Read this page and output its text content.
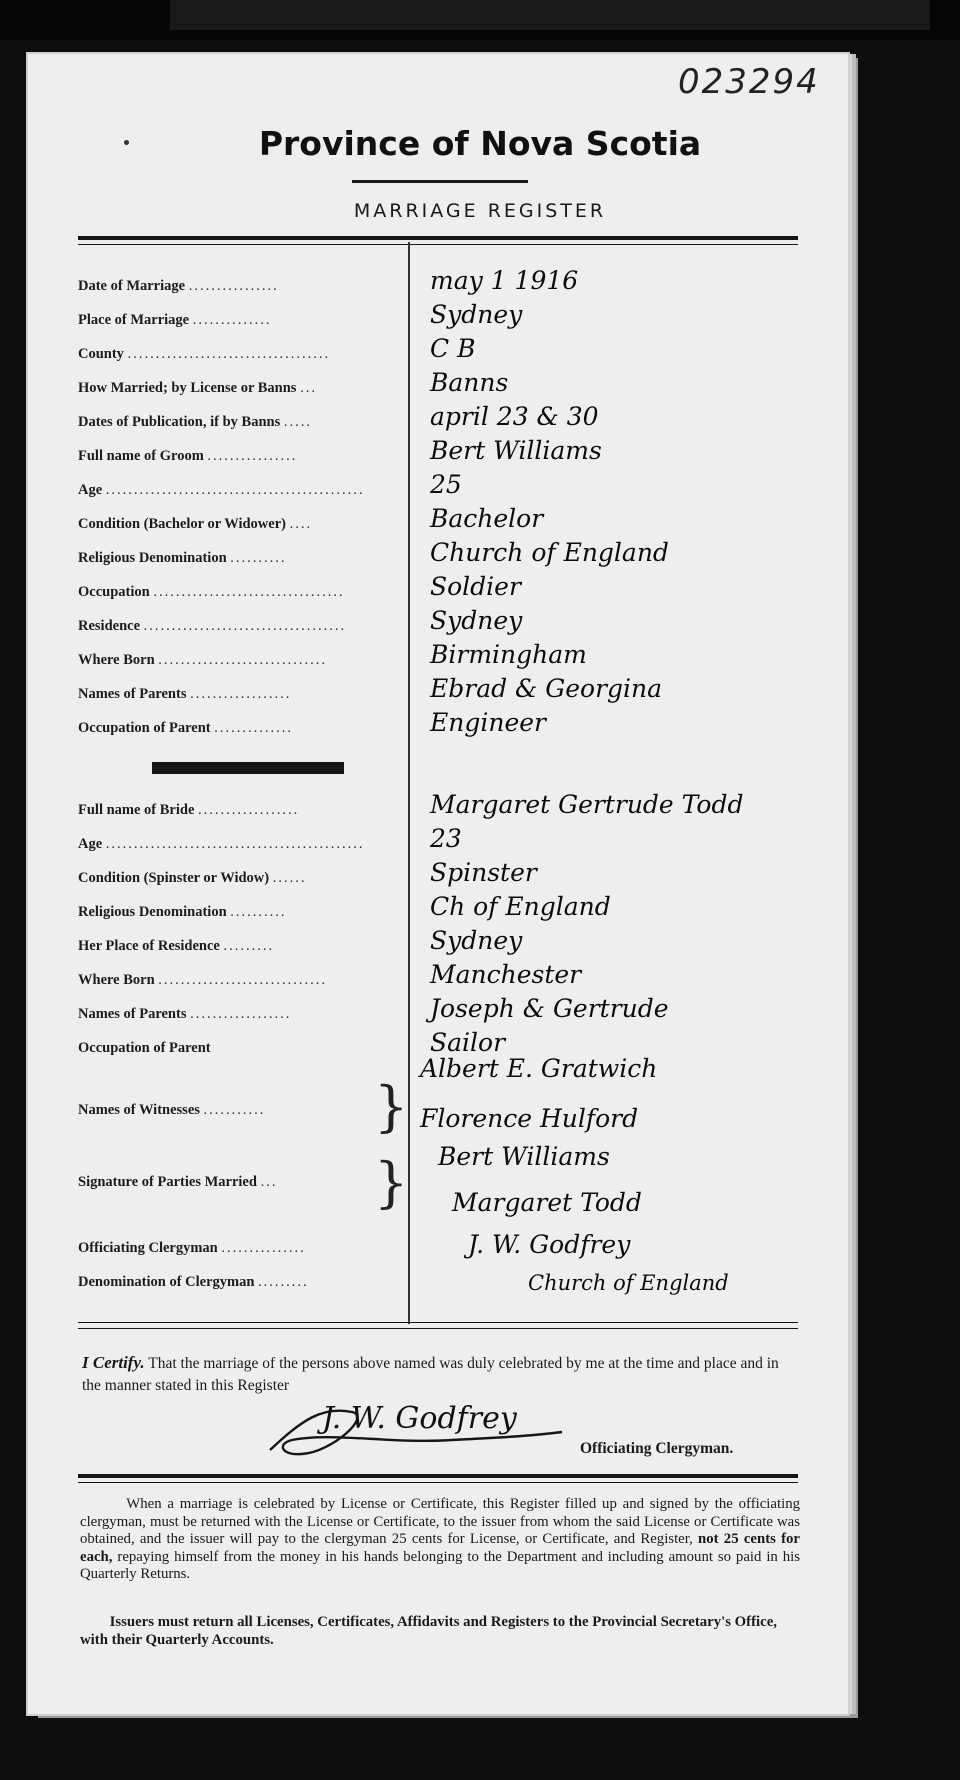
023294
Province of Nova Scotia
MARRIAGE REGISTER
Date of Marriage ................	may 1 1916
Place of Marriage ..............	Sydney
County ....................................	C B
How Married; by License or Banns ...	Banns
Dates of Publication, if by Banns .....	april 23 & 30
Full name of Groom ................	Bert Williams
Age ..............................................	25
Condition (Bachelor or Widower) ....	Bachelor
Religious Denomination ..........	Church of England
Occupation ..................................	Soldier
Residence ....................................	Sydney
Where Born ..............................	Birmingham
Names of Parents ..................	Ebrad & Georgina
Occupation of Parent ..............	Engineer
Full name of Bride ..................	Margaret Gertrude Todd
Age ..............................................	23
Condition (Spinster or Widow) ......	Spinster
Religious Denomination ..........	Ch of England
Her Place of Residence .........	Sydney
Where Born ..............................	Manchester
Names of Parents ..................	Joseph & Gertrude
Occupation of Parent	Sailor
Names of Witnesses ...........	}
Albert E. Gratwich
Florence Hulford
Signature of Parties Married ...	} Bert Williams
Margaret Todd
Officiating Clergyman ...............	J. W. Godfrey
Denomination of Clergyman .........	Church of England
I Certify. That the marriage of the persons above named was duly celebrated by me at the time and place and in the manner stated in this Register
J. W. Godfrey
Officiating Clergyman.
When a marriage is celebrated by License or Certificate, this Register filled up and signed by the officiating clergyman, must be returned with the License or Certificate, to the issuer from whom the said License or Certificate was obtained, and the issuer will pay to the clergyman 25 cents for License, or Certificate, and Register, not 25 cents for each, repaying himself from the money in his hands belonging to the Department and including amount so paid in his Quarterly Returns.
Issuers must return all Licenses, Certificates, Affidavits and Registers to the Provincial Secretary's Office, with their Quarterly Accounts.
